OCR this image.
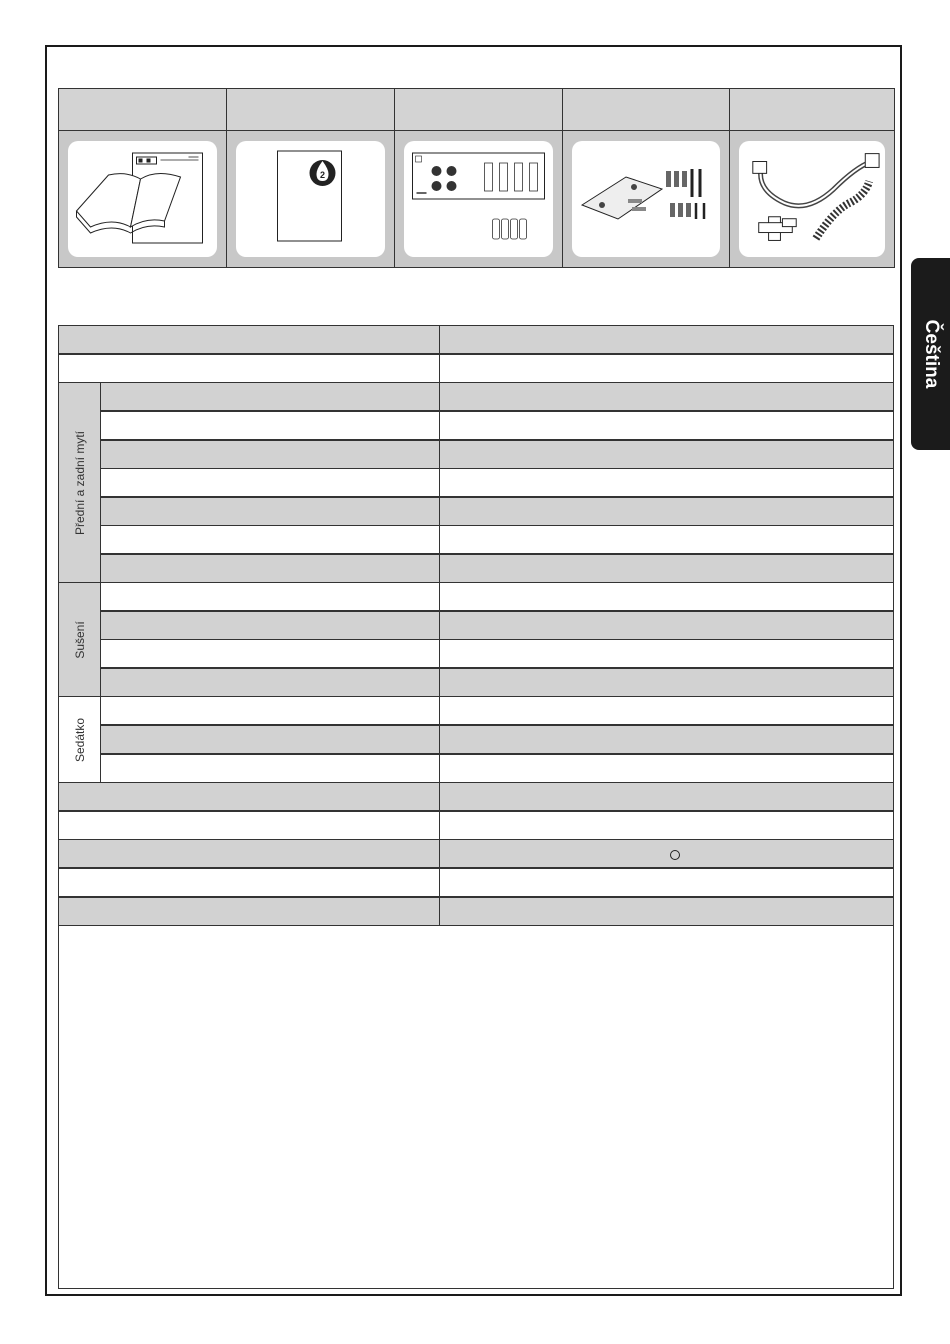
Čeština
2
Přední a zadní mytí
Sušení
Sedátko
